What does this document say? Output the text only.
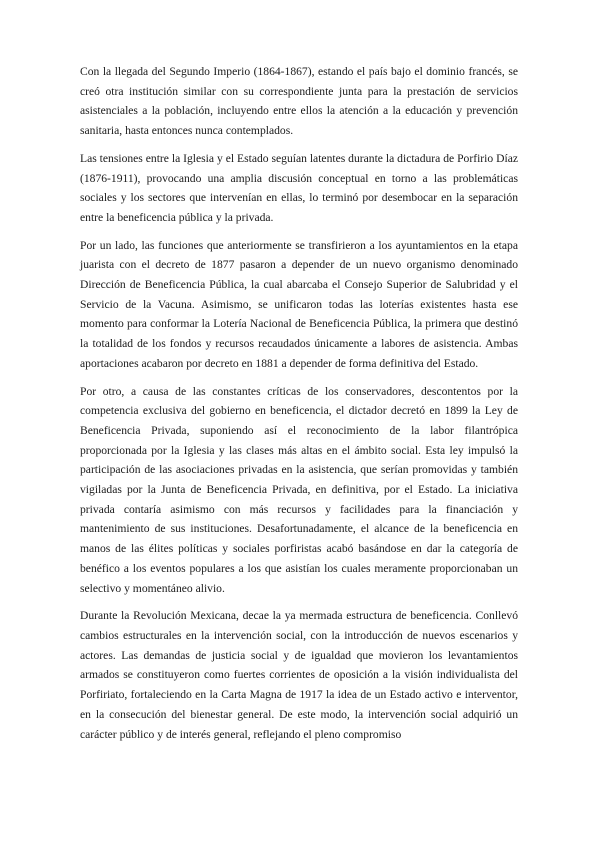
Con la llegada del Segundo Imperio (1864-1867), estando el país bajo el dominio francés, se creó otra institución similar con su correspondiente junta para la prestación de servicios asistenciales a la población, incluyendo entre ellos la atención a la educación y prevención sanitaria, hasta entonces nunca contemplados.

Las tensiones entre la Iglesia y el Estado seguían latentes durante la dictadura de Porfirio Díaz (1876-1911), provocando una amplia discusión conceptual en torno a las problemáticas sociales y los sectores que intervenían en ellas, lo terminó por desembocar en la separación entre la beneficencia pública y la privada.

Por un lado, las funciones que anteriormente se transfirieron a los ayuntamientos en la etapa juarista con el decreto de 1877 pasaron a depender de un nuevo organismo denominado Dirección de Beneficencia Pública, la cual abarcaba el Consejo Superior de Salubridad y el Servicio de la Vacuna. Asimismo, se unificaron todas las loterías existentes hasta ese momento para conformar la Lotería Nacional de Beneficencia Pública, la primera que destinó la totalidad de los fondos y recursos recaudados únicamente a labores de asistencia. Ambas aportaciones acabaron por decreto en 1881 a depender de forma definitiva del Estado.

Por otro, a causa de las constantes críticas de los conservadores, descontentos por la competencia exclusiva del gobierno en beneficencia, el dictador decretó en 1899 la Ley de Beneficencia Privada, suponiendo así el reconocimiento de la labor filantrópica proporcionada por la Iglesia y las clases más altas en el ámbito social. Esta ley impulsó la participación de las asociaciones privadas en la asistencia, que serían promovidas y también vigiladas por la Junta de Beneficencia Privada, en definitiva, por el Estado. La iniciativa privada contaría asimismo con más recursos y facilidades para la financiación y mantenimiento de sus instituciones. Desafortunadamente, el alcance de la beneficencia en manos de las élites políticas y sociales porfiristas acabó basándose en dar la categoría de benéfico a los eventos populares a los que asistían los cuales meramente proporcionaban un selectivo y momentáneo alivio.

Durante la Revolución Mexicana, decae la ya mermada estructura de beneficencia. Conllevó cambios estructurales en la intervención social, con la introducción de nuevos escenarios y actores. Las demandas de justicia social y de igualdad que movieron los levantamientos armados se constituyeron como fuertes corrientes de oposición a la visión individualista del Porfiriato, fortaleciendo en la Carta Magna de 1917 la idea de un Estado activo e interventor, en la consecución del bienestar general. De este modo, la intervención social adquirió un carácter público y de interés general, reflejando el pleno compromiso
